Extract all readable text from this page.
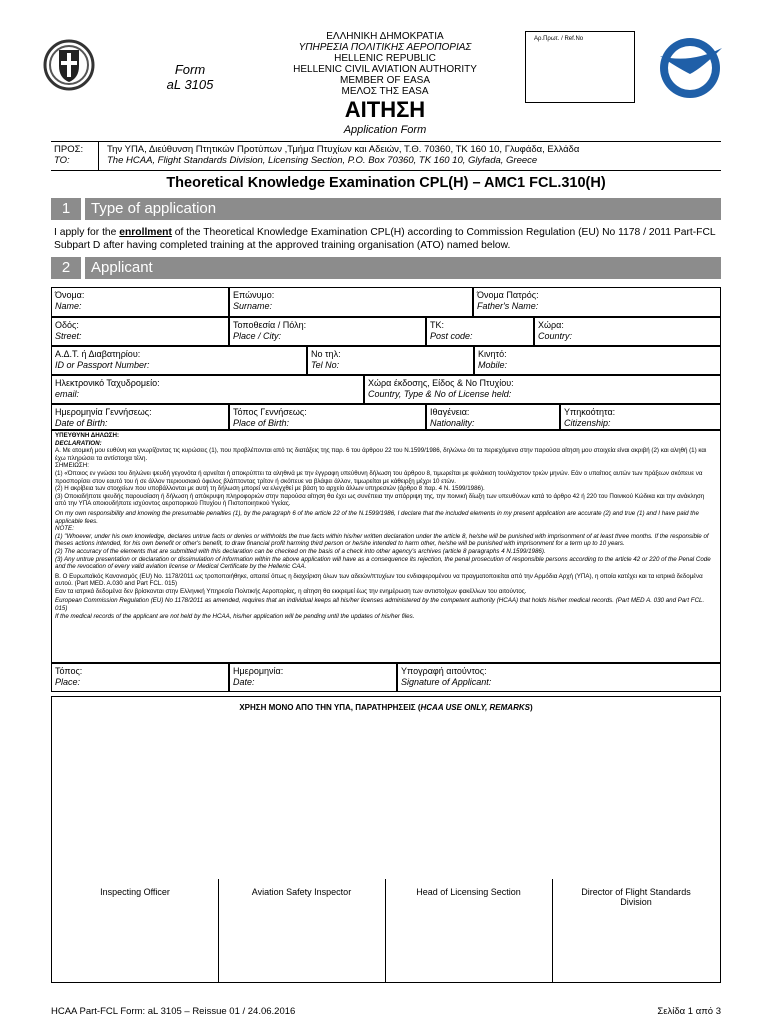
Form
aL 3105
ΕΛΛΗΝΙΚΗ ΔΗΜΟΚΡΑΤΙΑ
ΥΠΗΡΕΣΙΑ ΠΟΛΙΤΙΚΗΣ ΑΕΡΟΠΟΡΙΑΣ
HELLENIC REPUBLIC
HELLENIC CIVIL AVIATION AUTHORITY
MEMBER OF EASA
ΜΕΛΟΣ ΤΗΣ EASA
ΑΙΤΗΣΗ
Application Form
Αρ.Πρωτ. / Ref.No
ΠΡΟΣ:
TO:
Την ΥΠΑ, Διεύθυνση Πτητικών Προτύπων ,Τμήμα Πτυχίων και Αδειών, Τ.Θ. 70360, ΤΚ 160 10, Γλυφάδα, Ελλάδα
The HCAA, Flight Standards Division, Licensing Section, P.O. Box 70360, TK 160 10, Glyfada, Greece
Theoretical Knowledge Examination CPL(H) – AMC1 FCL.310(H)
1	Type of application
I apply for the enrollment of the Theoretical Knowledge Examination CPL(H) according to Commission Regulation (EU) No 1178 / 2011 Part-FCL Subpart D after having completed training at the approved training organisation (ATO) named below.
2	Applicant
Όνομα:
Name:
Επώνυμο:
Surname:
Όνομα Πατρός:
Father's Name:
Οδός:
Street:
Τοποθεσία / Πόλη:
Place / City:
ΤΚ:
Post code:
Χώρα:
Country:
Α.Δ.Τ. ή Διαβατηρίου:
ID or Passport Number:
Νο τηλ:
Tel No:
Κινητό:
Mobile:
Ηλεκτρονικό Ταχυδρομείο:
email:
Χώρα έκδοσης, Είδος & Νο Πτυχίου:
Country, Type & No of License held:
Ημερομηνία Γεννήσεως:
Date of Birth:
Τόπος Γεννήσεως:
Place of Birth:
Ιθαγένεια:
Nationality:
Υπηκοότητα:
Citizenship:

ΥΠΕΥΘΥΝΗ ΔΗΛΩΣΗ:

DECLARATION:

Α. Με ατομική μου ευθύνη και γνωρίζοντας τις κυρώσεις (1), που προβλέπονται από τις διατάξεις της παρ. 6 του άρθρου 22 του Ν.1599/1986, δηλώνω ότι τα περιεχόμενα στην παρούσα αίτηση μου στοιχεία είναι ακριβή (2) και αληθή (1) και έχω πληρώσει τα αντίστοιχα τέλη.

ΣΗΜΕΙΩΣΗ:

(1) «Όποιος εν γνώσει του δηλώνει ψευδή γεγονότα ή αρνείται ή αποκρύπτει τα αληθινά με την έγγραφη υπεύθυνη δήλωση του άρθρου 8, τιμωρείται με φυλάκιση τουλάχιστον τριών μηνών. Εάν ο υπαίτιος αυτών των πράξεων σκόπευε να προσπορίσει στον εαυτό του ή σε άλλον περιουσιακό όφελος βλάπτοντας τρίτον ή σκόπευε να βλάψει άλλον, τιμωρείται με κάθειρξη μέχρι 10 ετών.

(2) Η ακρίβεια των στοιχείων που υποβάλλονται με αυτή τη δήλωση μπορεί να ελεγχθεί με βάση το αρχείο άλλων υπηρεσιών (άρθρο 8 παρ. 4 Ν. 1599/1986).

(3) Οποιαδήποτε ψευδής παρουσίαση ή δήλωση ή απόκρυψη πληροφοριών στην παρούσα αίτηση θα έχει ως συνέπεια την απόρριψη της, την ποινική δίωξη των υπευθύνων κατά το άρθρο 42 ή 220 του Ποινικού Κώδικα και την ανάκληση από την ΥΠΑ οποιουδήποτε ισχύοντος αεροπορικού Πτυχίου ή Πιστοποιητικού Υγείας.

On my own responsibility and knowing the presumable penalties (1), by the paragraph 6 of the article 22 of the N.1599/1986, I declare that the included elements in my present application are accurate (2) and true (1) and I have paid the applicable fees.

NOTE:

(1) "Whoever, under his own knowledge, declares untrue facts or denies or withholds the true facts within his/her written declaration under the article 8, he/she will be punished with imprisonment of at least three months. If the responsible of theses actions intended, for his own benefit or other's benefit, to draw financial profit harming third person or he/she intended to harm other, he/she will be punished with imprisonment for a term up to 10 years.

(2) The accuracy of the elements that are submitted with this declaration can be checked on the basis of a check into other agency's archives (article 8 paragraphs 4 N.1599/1986).

(3) Any untrue presentation or declaration or dissimulation of information within the above application will have as a consequence its rejection, the penal prosecution of responsible persons according to the article 42 or 220 of the Penal Code and the revocation of every valid aviation license or Medical Certificate by the Hellenic CAA.

Β. Ο Ευρωπαϊκός Κανονισμός (ΕU) No. 1178/2011 ως τροποποιήθηκε, απαιτεί όπως η διαχείριση όλων των αδειών/πτυχίων του ενδιαφερομένου να πραγματοποιείται από την Αρμόδια Αρχή (ΥΠΑ), η οποία κατέχει και τα ιατρικά δεδομένα αυτού. (Part MED. A.030 and Part FCL. 015)

Εαν τα ιατρικά δεδομένα δεν βρίσκονται στην Ελληνική Υπηρεσία Πολιτικής Αεροπορίας, η αίτηση θα εκκρεμεί έως την ενημέρωση των αντιστοίχων φακέλλων του αιτούντος.

European Commission Regulation (EU) No 1178/2011 as amended, requires that an individual keeps all his/her licenses administered by the competent authority (HCAA) that holds his/her medical records. (Part MED A. 030 and Part FCL. 015)

If the medical records of the applicant are not held by the HCAA, his/her application will be pending until the updates of his/her files.

Τόπος:
Place:
Ημερομηνία:
Date:
Υπογραφή αιτούντος:
Signature of Applicant:
ΧΡΗΣΗ ΜΟΝΟ ΑΠΟ ΤΗΝ ΥΠΑ, ΠΑΡΑΤΗΡΗΣΕΙΣ (HCAA USE ONLY, REMARKS)
Inspecting Officer	Aviation Safety Inspector	Head of Licensing Section	Director of Flight Standards Division
HCAA Part-FCL Form: aL 3105 – Reissue 01 / 24.06.2016	Σελίδα 1 από 3
